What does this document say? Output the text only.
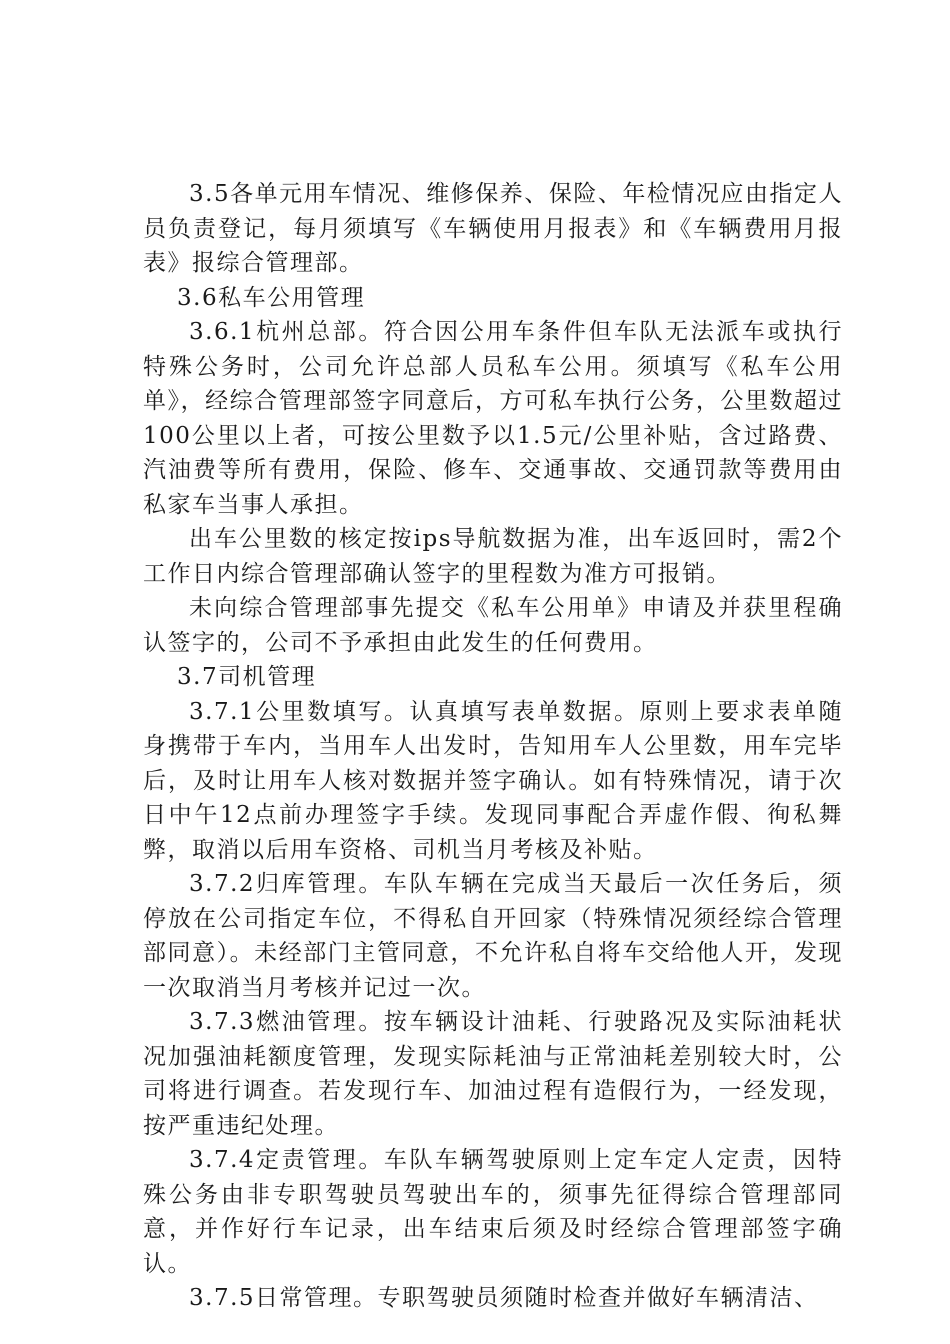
3.5各单元用车情况、维修保养、保险、年检情况应由指定人员负责登记，每月须填写《车辆使用月报表》和《车辆费用月报表》报综合管理部。

3.6私车公用管理

3.6.1杭州总部。符合因公用车条件但车队无法派车或执行特殊公务时，公司允许总部人员私车公用。须填写《私车公用单》，经综合管理部签字同意后，方可私车执行公务，公里数超过100公里以上者，可按公里数予以1.5元/公里补贴，含过路费、汽油费等所有费用，保险、修车、交通事故、交通罚款等费用由私家车当事人承担。

出车公里数的核定按ips导航数据为准，出车返回时，需2个工作日内综合管理部确认签字的里程数为准方可报销。

未向综合管理部事先提交《私车公用单》申请及并获里程确认签字的，公司不予承担由此发生的任何费用。

3.7司机管理

3.7.1公里数填写。认真填写表单数据。原则上要求表单随身携带于车内，当用车人出发时，告知用车人公里数，用车完毕后，及时让用车人核对数据并签字确认。如有特殊情况，请于次日中午12点前办理签字手续。发现同事配合弄虚作假、徇私舞弊，取消以后用车资格、司机当月考核及补贴。

3.7.2归库管理。车队车辆在完成当天最后一次任务后，须停放在公司指定车位，不得私自开回家（特殊情况须经综合管理部同意）。未经部门主管同意，不允许私自将车交给他人开，发现一次取消当月考核并记过一次。

3.7.3燃油管理。按车辆设计油耗、行驶路况及实际油耗状况加强油耗额度管理，发现实际耗油与正常油耗差别较大时，公司将进行调查。若发现行车、加油过程有造假行为，一经发现，按严重违纪处理。

3.7.4定责管理。车队车辆驾驶原则上定车定人定责，因特殊公务由非专职驾驶员驾驶出车的，须事先征得综合管理部同意，并作好行车记录，出车结束后须及时经综合管理部签字确认。

3.7.5日常管理。专职驾驶员须随时检查并做好车辆清洁、
